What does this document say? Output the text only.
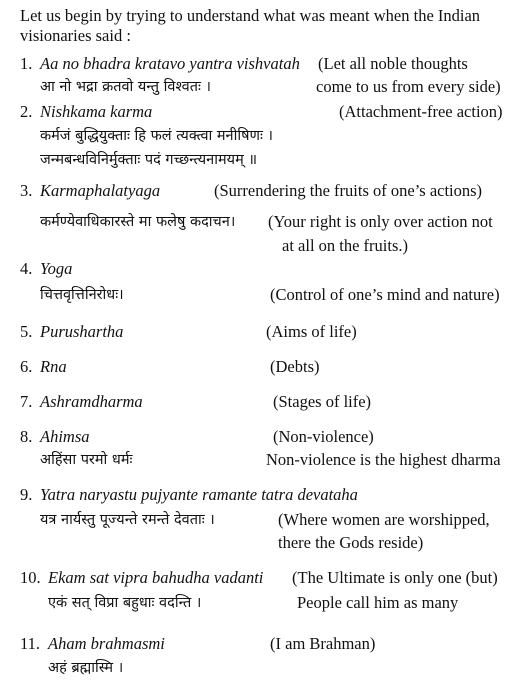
Let us begin by trying to understand what was meant when the Indian visionaries said :
1. Aa no bhadra kratavo yantra vishvatah (Let all noble thoughts
आ नो भद्रा क्रतवो यन्तु विश्वतः ।	come to us from every side)
2. Nishkama karma	(Attachment-free action)
कर्मजं बुद्धियुक्ताः हि फलं त्यक्त्वा मनीषिणः ।
जन्मबन्धविनिर्मुक्ताः पदं गच्छन्त्यनामयम् ॥
3. Karmaphalatyaga	(Surrendering the fruits of one’s actions)
कर्मण्येवाधिकारस्ते मा फलेषु कदाचन। (Your right is only over action not
at all on the fruits.)
4. Yoga
चित्तवृत्तिनिरोधः।	(Control of one’s mind and nature)
5. Purushartha	(Aims of life)
6. Rna	(Debts)
7. Ashramdharma	(Stages of life)
8. Ahimsa	(Non-violence)
अहिंसा परमो धर्मः	Non-violence is the highest dharma
9. Yatra naryastu pujyante ramante tatra devataha
यत्र नार्यस्तु पूज्यन्ते रमन्ते देवताः ।	(Where women are worshipped,
there the Gods reside)
10. Ekam sat vipra bahudha vadanti (The Ultimate is only one (but)
एकं सत् विप्रा बहुधाः वदन्ति ।	People call him as many
11. Aham brahmasmi	(I am Brahman)
अहं ब्रह्मास्मि ।
